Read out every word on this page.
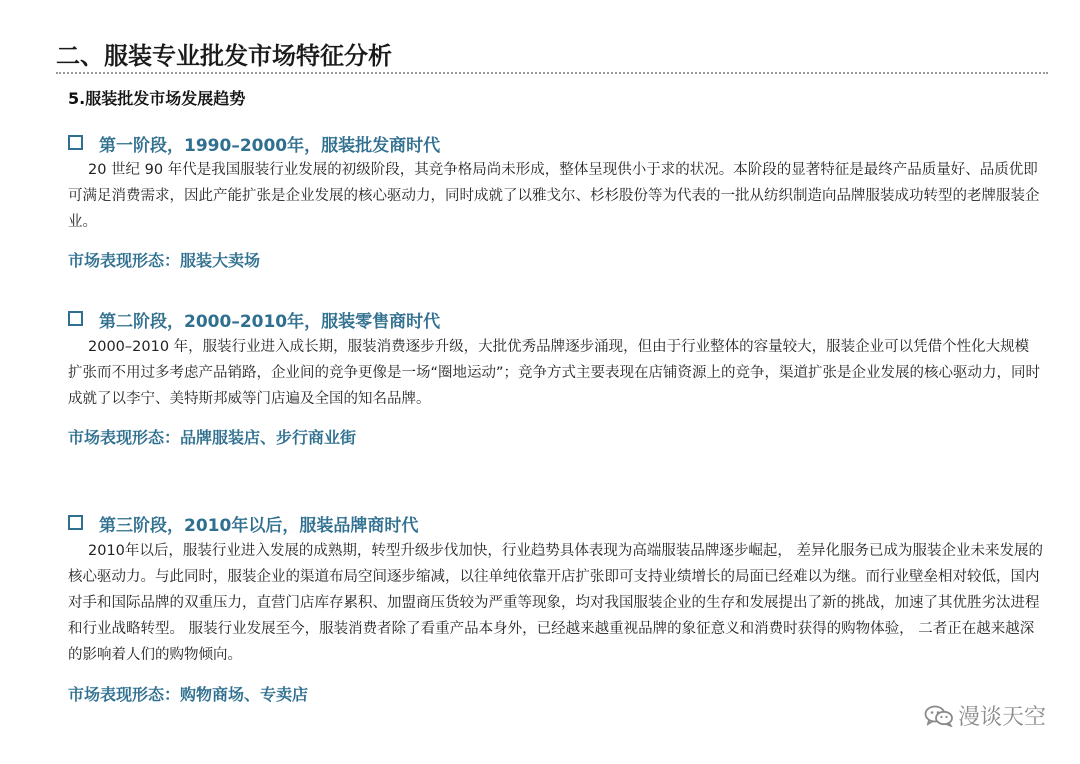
二、服装专业批发市场特征分析
5.服装批发市场发展趋势
第一阶段，1990–2000年，服装批发商时代
20 世纪 90 年代是我国服装行业发展的初级阶段，其竞争格局尚未形成，整体呈现供小于求的状况。本阶段的显著特征是最终产品质量好、品质优即可满足消费需求，因此产能扩张是企业发展的核心驱动力，同时成就了以雅戈尔、杉杉股份等为代表的一批从纺织制造向品牌服装成功转型的老牌服装企业。
市场表现形态：服装大卖场
第二阶段，2000–2010年，服装零售商时代
2000–2010 年，服装行业进入成长期，服装消费逐步升级，大批优秀品牌逐步涌现，但由于行业整体的容量较大，服装企业可以凭借个性化大规模扩张而不用过多考虑产品销路，企业间的竞争更像是一场“圈地运动”；竞争方式主要表现在店铺资源上的竞争，渠道扩张是企业发展的核心驱动力，同时成就了以李宁、美特斯邦威等门店遍及全国的知名品牌。
市场表现形态：品牌服装店、步行商业街
第三阶段，2010年以后，服装品牌商时代
2010年以后，服装行业进入发展的成熟期，转型升级步伐加快，行业趋势具体表现为高端服装品牌逐步崛起， 差异化服务已成为服装企业未来发展的核心驱动力。与此同时，服装企业的渠道布局空间逐步缩减，以往单纯依靠开店扩张即可支持业绩增长的局面已经难以为继。而行业壁垒相对较低，国内对手和国际品牌的双重压力，直营门店库存累积、加盟商压货较为严重等现象，均对我国服装企业的生存和发展提出了新的挑战，加速了其优胜劣汰进程和行业战略转型。 服装行业发展至今，服装消费者除了看重产品本身外，已经越来越重视品牌的象征意义和消费时获得的购物体验， 二者正在越来越深的影响着人们的购物倾向。
市场表现形态：购物商场、专卖店
漫谈天空
